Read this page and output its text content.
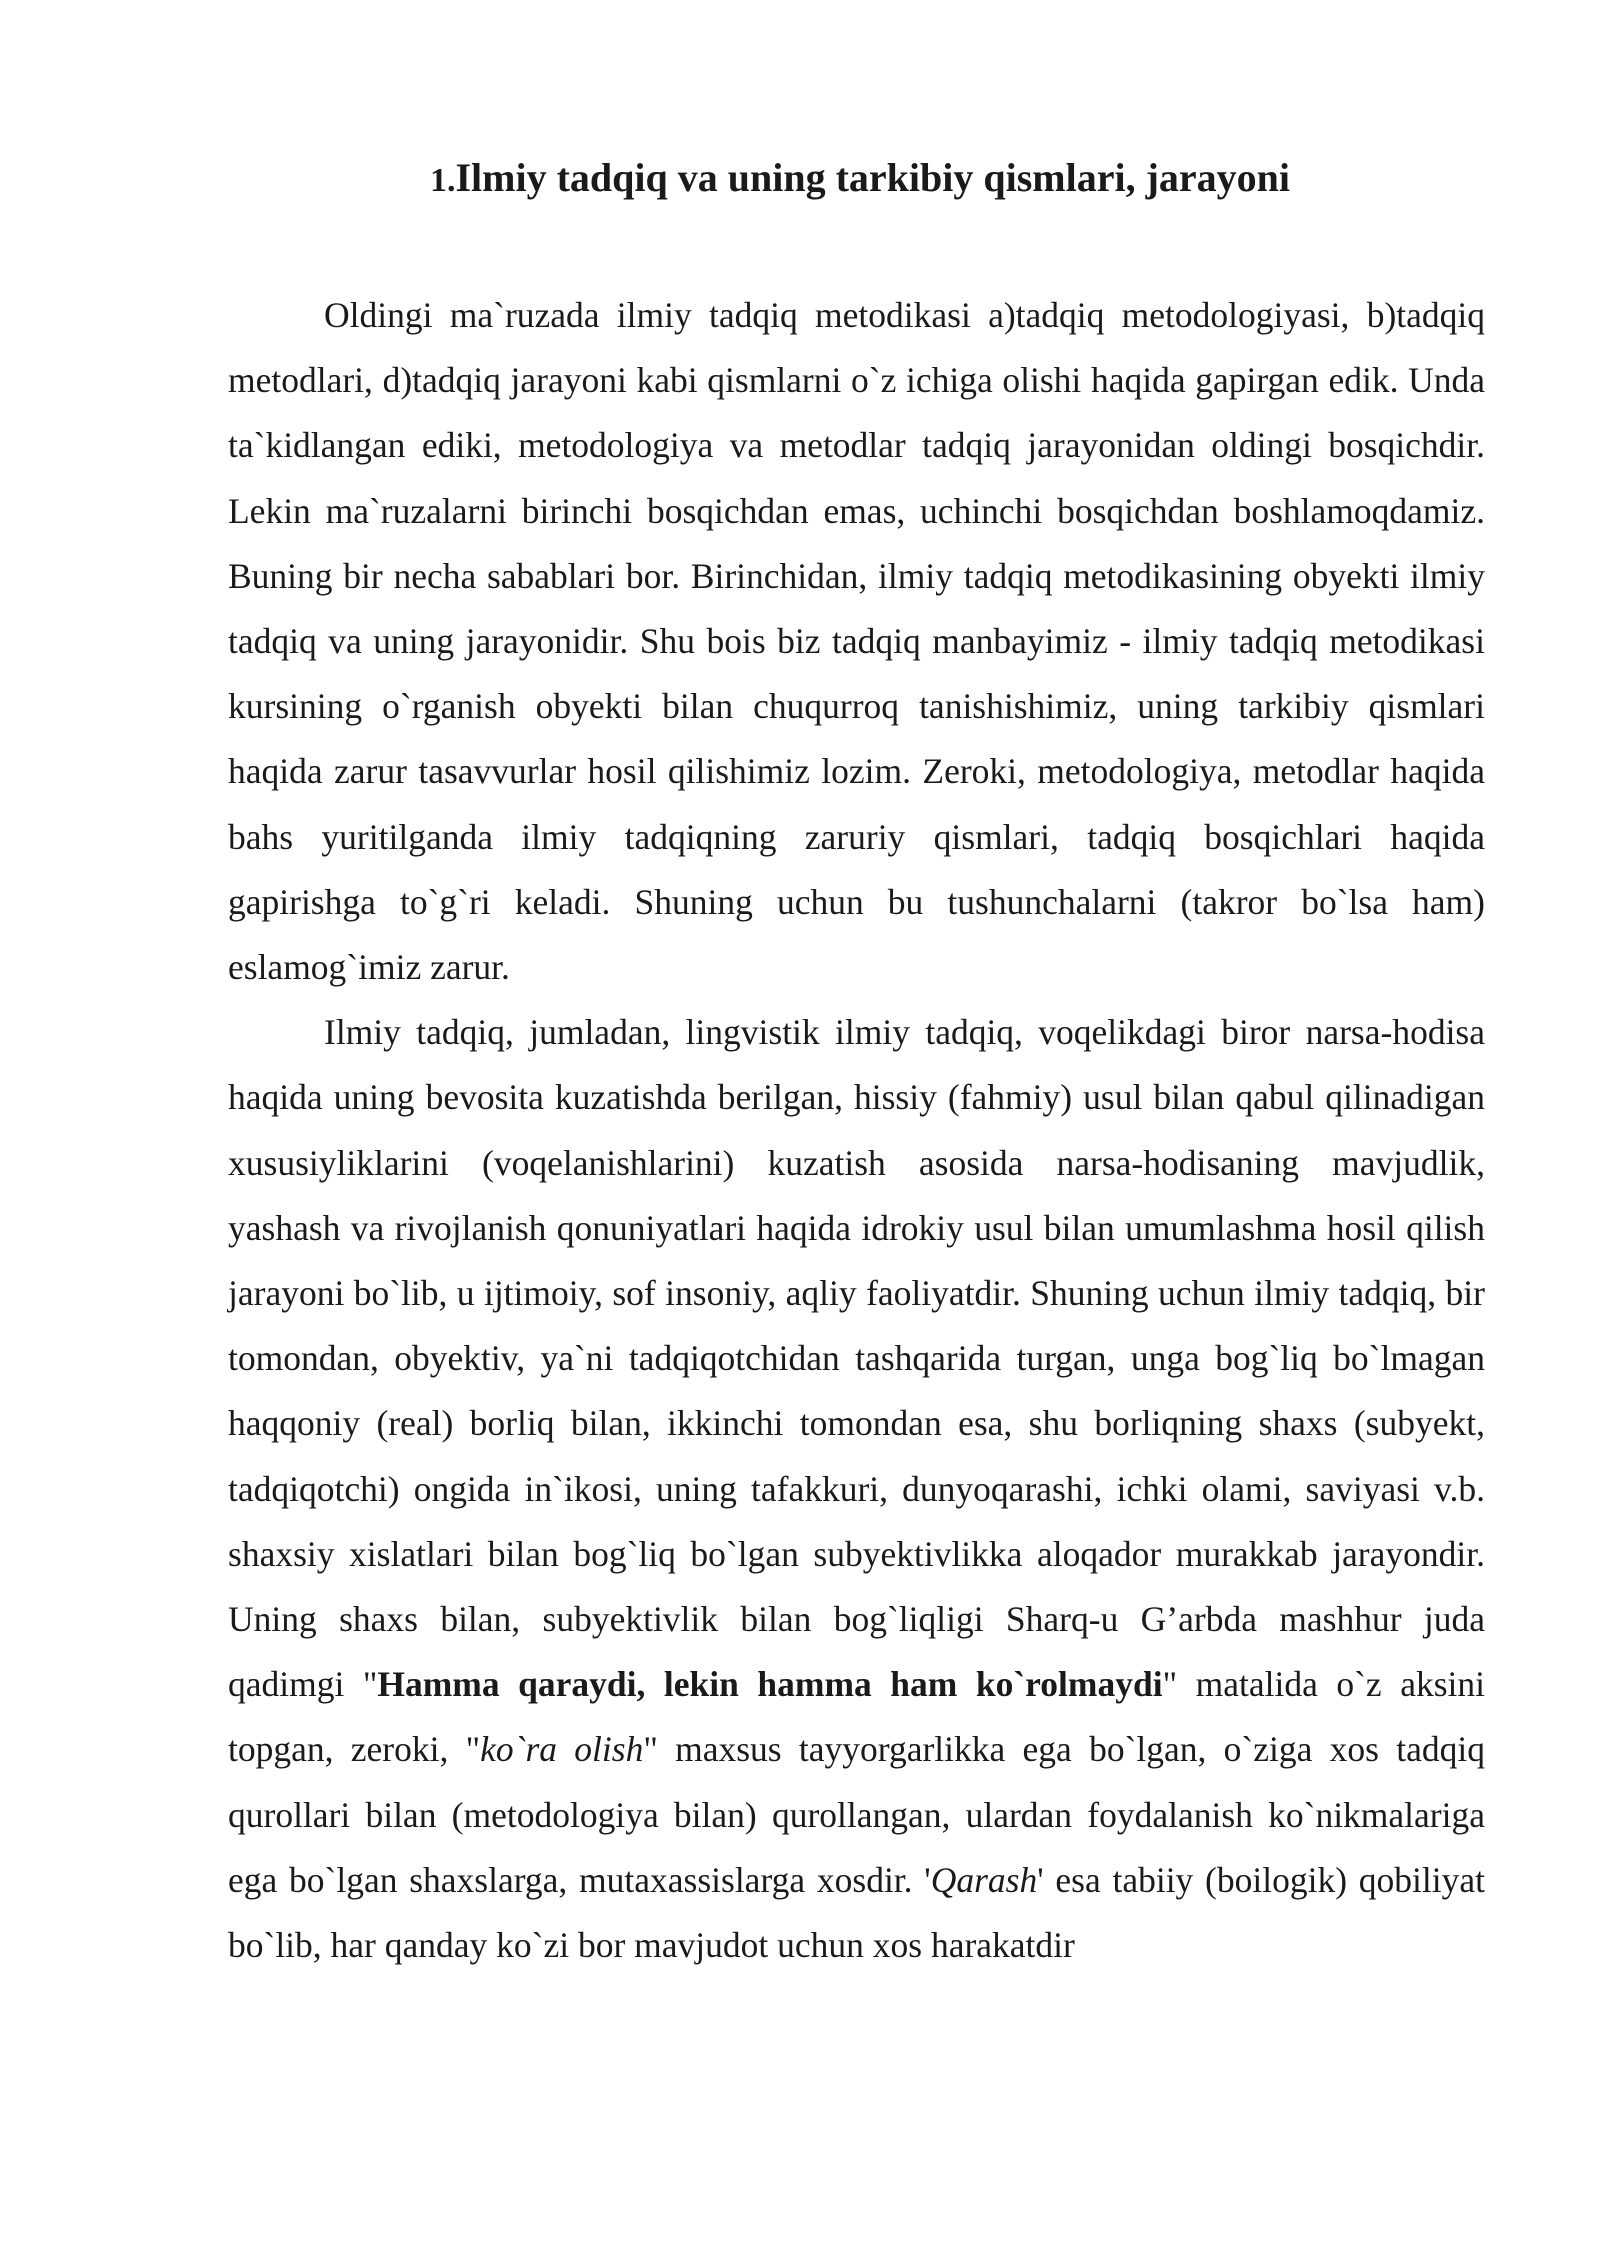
1.Ilmiy tadqiq va uning tarkibiy qismlari, jarayoni

Oldingi ma`ruzada ilmiy tadqiq metodikasi a)tadqiq metodologiyasi, b)tadqiq metodlari, d)tadqiq jarayoni kabi qismlarni o`z ichiga olishi haqida gapirgan edik. Unda ta`kidlangan ediki, metodologiya va metodlar tadqiq jarayonidan oldingi bosqichdir. Lekin ma`ruzalarni birinchi bosqichdan emas, uchinchi bosqichdan boshlamoqdamiz. Buning bir necha sabablari bor. Birinchidan, ilmiy tadqiq metodikasining obyekti ilmiy tadqiq va uning jarayonidir. Shu bois biz tadqiq manbayimiz - ilmiy tadqiq metodikasi kursining o`rganish obyekti bilan chuqurroq tanishishimiz, uning tarkibiy qismlari haqida zarur tasavvurlar hosil qilishimiz lozim. Zeroki, metodologiya, metodlar haqida bahs yuritilganda ilmiy tadqiqning zaruriy qismlari, tadqiq bosqichlari haqida gapirishga to`g`ri keladi. Shuning uchun bu tushunchalarni (takror bo`lsa ham) eslamog`imiz zarur.

Ilmiy tadqiq, jumladan, lingvistik ilmiy tadqiq, voqelikdagi biror narsa-hodisa haqida uning bevosita kuzatishda berilgan, hissiy (fahmiy) usul bilan qabul qilinadigan xususiyliklarini (voqelanishlarini) kuzatish asosida narsa-hodisaning mavjudlik, yashash va rivojlanish qonuniyatlari haqida idrokiy usul bilan umumlashma hosil qilish jarayoni bo`lib, u ijtimoiy, sof insoniy, aqliy faoliyatdir. Shuning uchun ilmiy tadqiq, bir tomondan, obyektiv, ya`ni tadqiqotchidan tashqarida turgan, unga bog`liq bo`lmagan haqqoniy (real) borliq bilan, ikkinchi tomondan esa, shu borliqning shaxs (subyekt, tadqiqotchi) ongida in`ikosi, uning tafakkuri, dunyoqarashi, ichki olami, saviyasi v.b. shaxsiy xislatlari bilan bog`liq bo`lgan subyektivlikka aloqador murakkab jarayondir. Uning shaxs bilan, subyektivlik bilan bog`liqligi Sharq-u G’arbda mashhur juda qadimgi "Hamma qaraydi, lekin hamma ham ko`rolmaydi" matalida o`z aksini topgan, zeroki, "ko`ra olish" maxsus tayyorgarlikka ega bo`lgan, o`ziga xos tadqiq qurollari bilan (metodologiya bilan) qurollangan, ulardan foydalanish ko`nikmalariga ega bo`lgan shaxslarga, mutaxassislarga xosdir. 'Qarash' esa tabiiy (boilogik) qobiliyat bo`lib, har qanday ko`zi bor mavjudot uchun xos harakatdir
